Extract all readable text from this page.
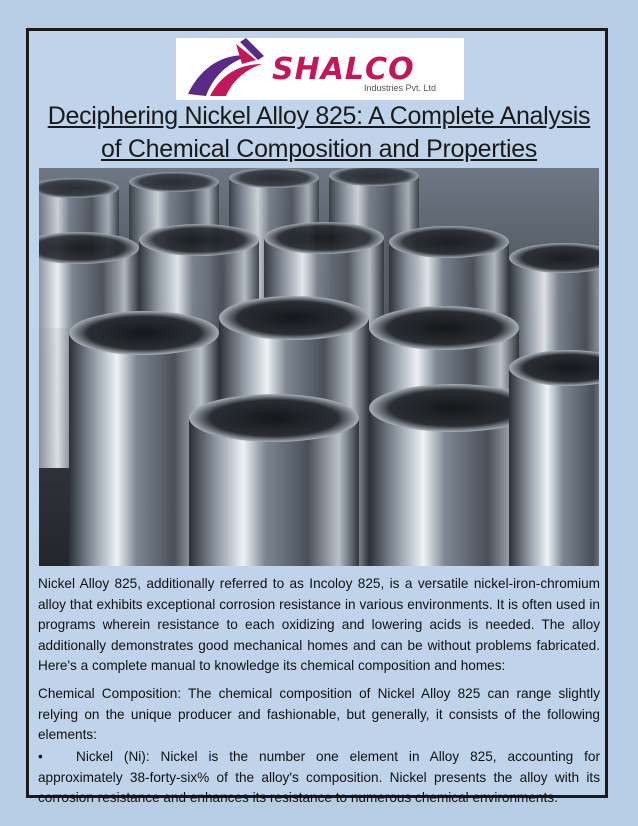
SHALCO
Industries Pvt. Ltd
Deciphering Nickel Alloy 825: A Complete Analysis
of Chemical Composition and Properties

Nickel Alloy 825, additionally referred to as Incoloy 825, is a versatile nickel-iron-chromium alloy that exhibits exceptional corrosion resistance in various environments. It is often used in programs wherein resistance to each oxidizing and lowering acids is needed. The alloy additionally demonstrates good mechanical homes and can be without problems fabricated. Here's a complete manual to knowledge its chemical composition and homes:

Chemical Composition: The chemical composition of Nickel Alloy 825 can range slightly relying on the unique producer and fashionable, but generally, it consists of the following elements:

• Nickel (Ni): Nickel is the number one element in Alloy 825, accounting for approximately 38-forty-six% of the alloy's composition. Nickel presents the alloy with its corrosion resistance and enhances its resistance to numerous chemical environments.
